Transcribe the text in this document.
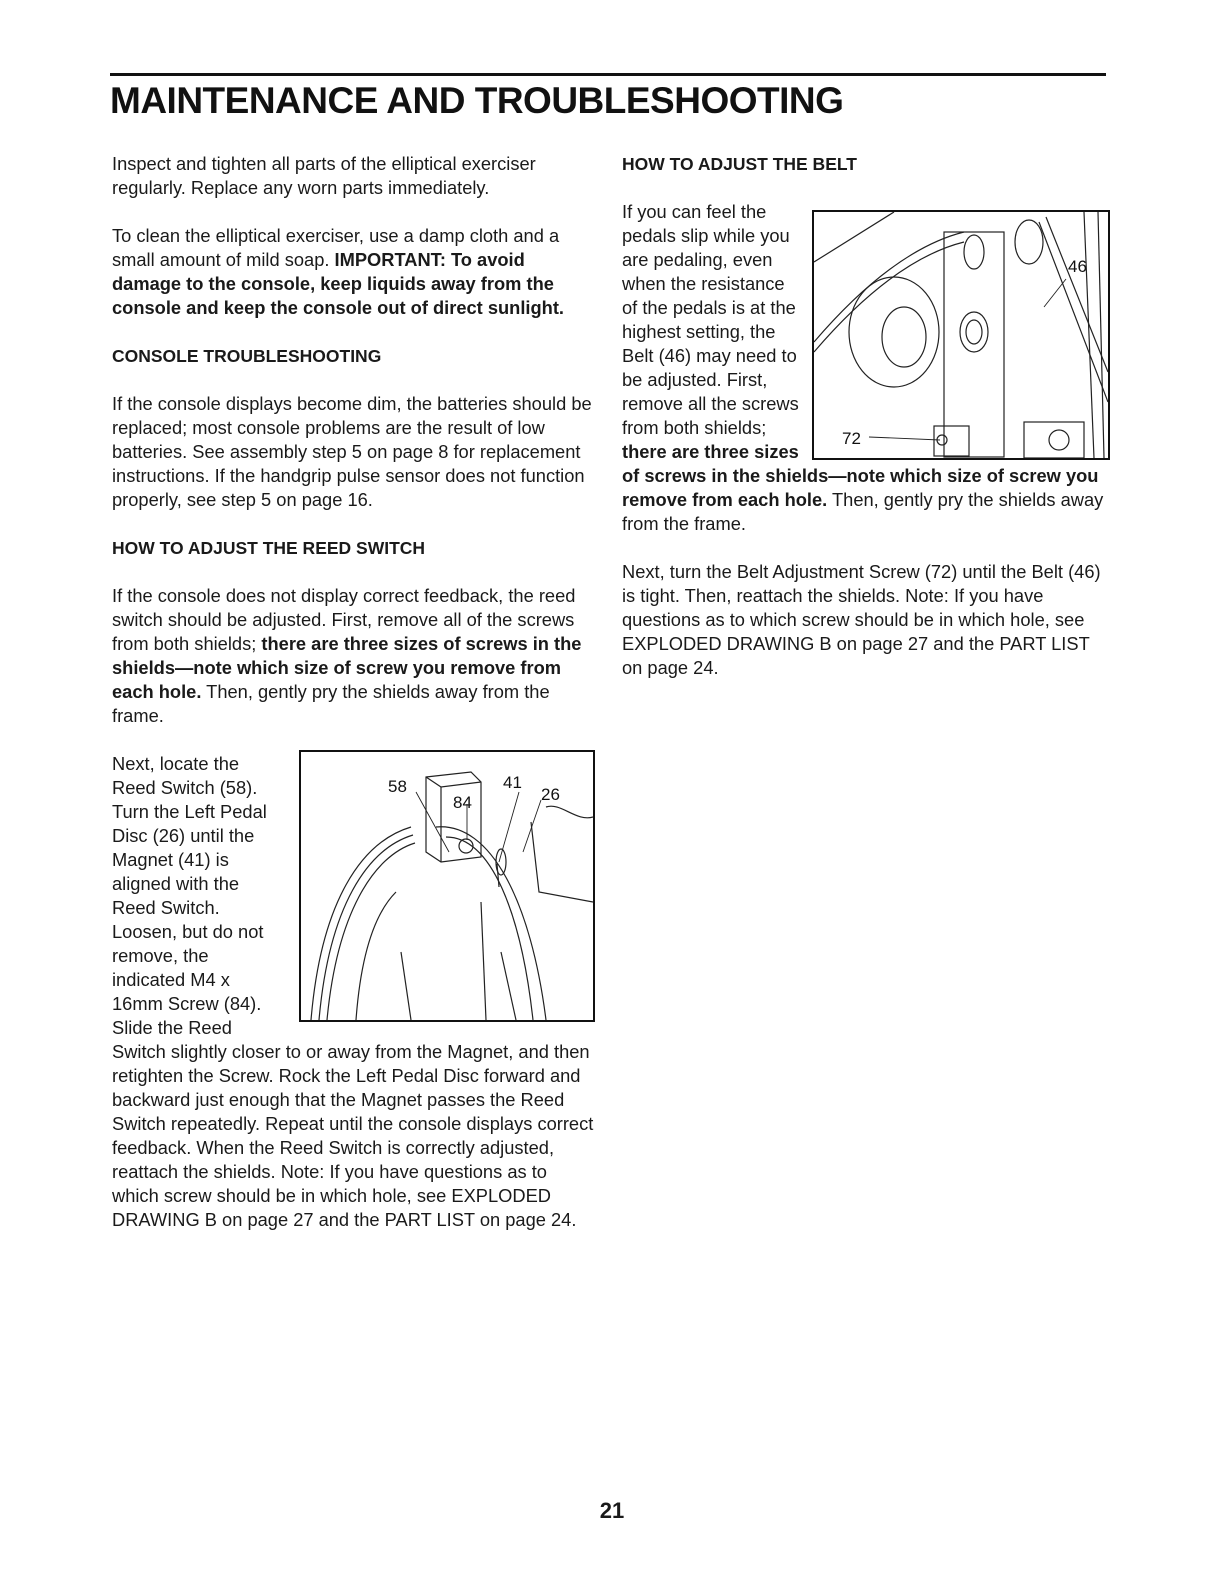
MAINTENANCE AND TROUBLESHOOTING

Inspect and tighten all parts of the elliptical exerciser regularly. Replace any worn parts immediately.

To clean the elliptical exerciser, use a damp cloth and a small amount of mild soap. IMPORTANT: To avoid damage to the console, keep liquids away from the console and keep the console out of direct sunlight.

CONSOLE TROUBLESHOOTING

If the console displays become dim, the batteries should be replaced; most console problems are the result of low batteries. See assembly step 5 on page 8 for replacement instructions. If the handgrip pulse sensor does not function properly, see step 5 on page 16.

HOW TO ADJUST THE REED SWITCH

If the console does not display correct feedback, the reed switch should be adjusted. First, remove all of the screws from both shields; there are three sizes of screws in the shields—note which size of screw you remove from each hole. Then, gently pry the shields away from the frame.

58	41
26
84

Next, locate the Reed Switch (58). Turn the Left Pedal Disc (26) until the Magnet (41) is aligned with the Reed Switch. Loosen, but do not remove, the indicated M4 x 16mm Screw (84). Slide the Reed Switch slightly closer to or away from the Magnet, and then retighten the Screw. Rock the Left Pedal Disc forward and backward just enough that the Magnet passes the Reed Switch repeatedly. Repeat until the console displays correct feedback. When the Reed Switch is correctly adjusted, reattach the shields. Note: If you have questions as to which screw should be in which hole, see EXPLODED DRAWING B on page 27 and the PART LIST on page 24.

HOW TO ADJUST THE BELT
46
72

If you can feel the pedals slip while you are pedaling, even when the resistance of the pedals is at the highest setting, the Belt (46) may need to be adjusted. First, remove all the screws from both shields; there are three sizes of screws in the shields—note which size of screw you remove from each hole. Then, gently pry the shields away from the frame.

Next, turn the Belt Adjustment Screw (72) until the Belt (46) is tight. Then, reattach the shields. Note: If you have questions as to which screw should be in which hole, see EXPLODED DRAWING B on page 27 and the PART LIST on page 24.

21
